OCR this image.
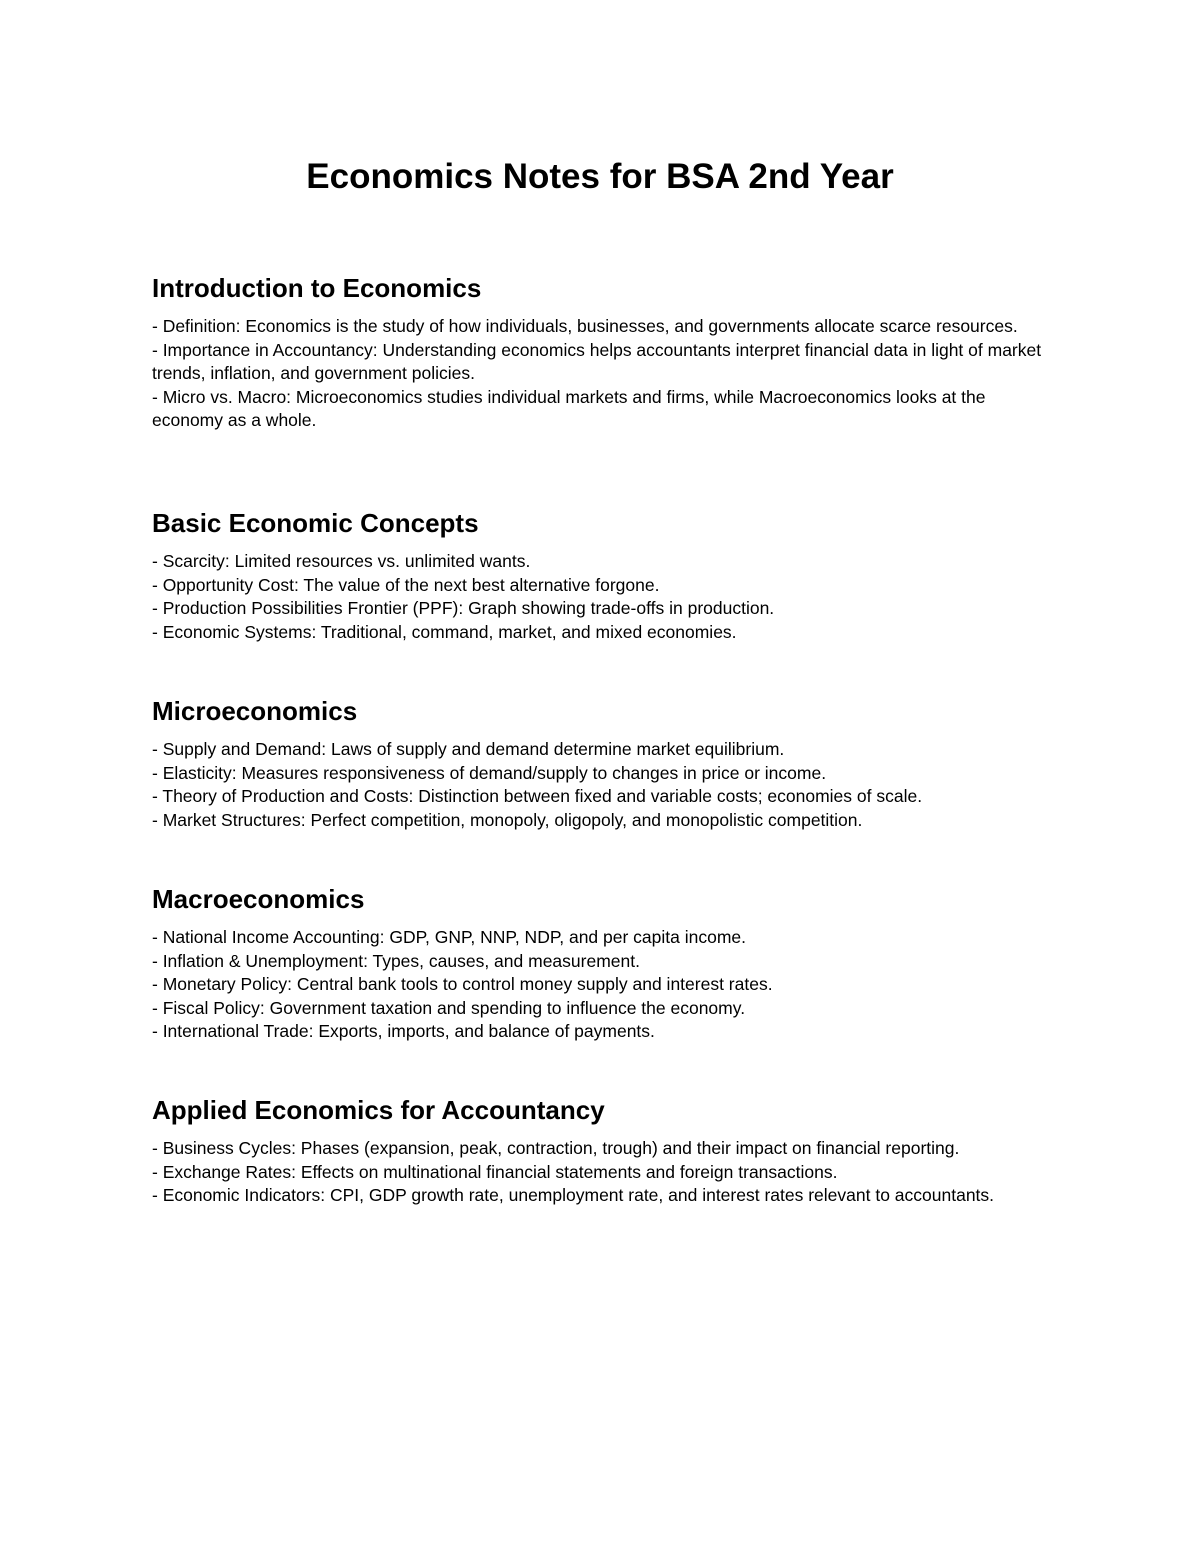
Economics Notes for BSA 2nd Year
Introduction to Economics

- Definition: Economics is the study of how individuals, businesses, and governments allocate scarce resources.

- Importance in Accountancy: Understanding economics helps accountants interpret financial data in light of market trends, inflation, and government policies.

- Micro vs. Macro: Microeconomics studies individual markets and firms, while Macroeconomics looks at the economy as a whole.

Basic Economic Concepts

- Scarcity: Limited resources vs. unlimited wants.

- Opportunity Cost: The value of the next best alternative forgone.

- Production Possibilities Frontier (PPF): Graph showing trade-offs in production.

- Economic Systems: Traditional, command, market, and mixed economies.

Microeconomics

- Supply and Demand: Laws of supply and demand determine market equilibrium.

- Elasticity: Measures responsiveness of demand/supply to changes in price or income.

- Theory of Production and Costs: Distinction between fixed and variable costs; economies of scale.

- Market Structures: Perfect competition, monopoly, oligopoly, and monopolistic competition.

Macroeconomics

- National Income Accounting: GDP, GNP, NNP, NDP, and per capita income.

- Inflation & Unemployment: Types, causes, and measurement.

- Monetary Policy: Central bank tools to control money supply and interest rates.

- Fiscal Policy: Government taxation and spending to influence the economy.

- International Trade: Exports, imports, and balance of payments.

Applied Economics for Accountancy

- Business Cycles: Phases (expansion, peak, contraction, trough) and their impact on financial reporting.

- Exchange Rates: Effects on multinational financial statements and foreign transactions.

- Economic Indicators: CPI, GDP growth rate, unemployment rate, and interest rates relevant to accountants.
